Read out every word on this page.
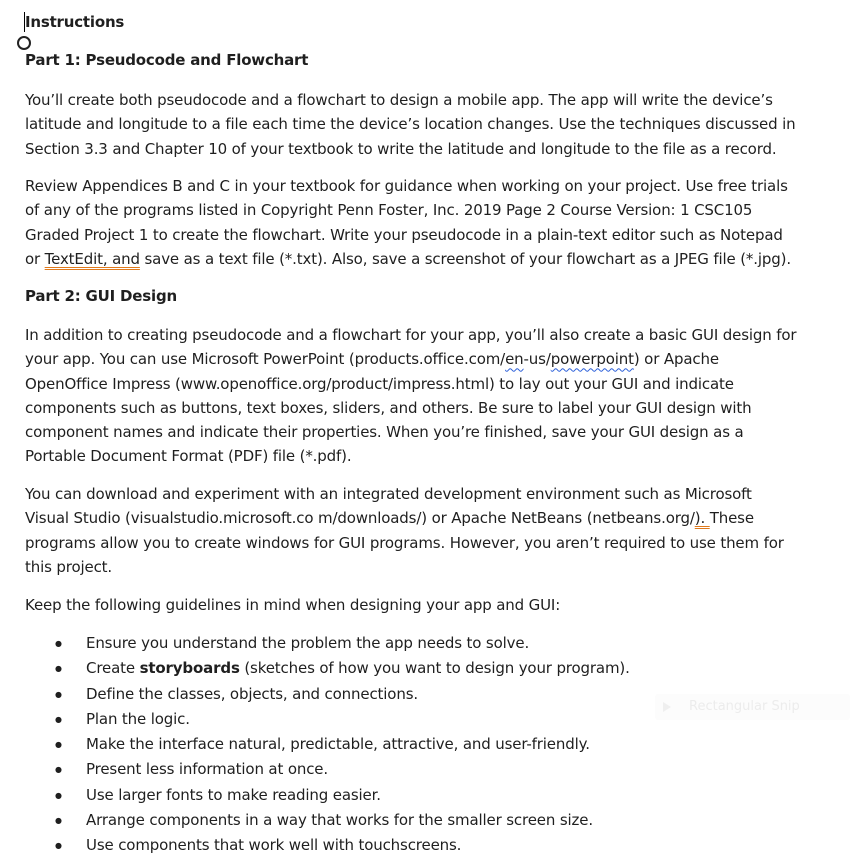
Instructions
Part 1: Pseudocode and Flowchart
You’ll create both pseudocode and a flowchart to design a mobile app. The app will write the device’s
latitude and longitude to a file each time the device’s location changes. Use the techniques discussed in
Section 3.3 and Chapter 10 of your textbook to write the latitude and longitude to the file as a record.
Review Appendices B and C in your textbook for guidance when working on your project. Use free trials
of any of the programs listed in Copyright Penn Foster, Inc. 2019 Page 2 Course Version: 1 CSC105
Graded Project 1 to create the flowchart. Write your pseudocode in a plain-text editor such as Notepad
or TextEdit, and save as a text file (*.txt). Also, save a screenshot of your flowchart as a JPEG file (*.jpg).
Part 2: GUI Design
In addition to creating pseudocode and a flowchart for your app, you’ll also create a basic GUI design for
your app. You can use Microsoft PowerPoint (products.office.com/en-us/powerpoint) or Apache
OpenOffice Impress (www.openoffice.org/product/impress.html) to lay out your GUI and indicate
components such as buttons, text boxes, sliders, and others. Be sure to label your GUI design with
component names and indicate their properties. When you’re finished, save your GUI design as a
Portable Document Format (PDF) file (*.pdf).
You can download and experiment with an integrated development environment such as Microsoft
Visual Studio (visualstudio.microsoft.co m/downloads/) or Apache NetBeans (netbeans.org/). These
programs allow you to create windows for GUI programs. However, you aren’t required to use them for
this project.
Keep the following guidelines in mind when designing your app and GUI:
● Ensure you understand the problem the app needs to solve.
● Create storyboards (sketches of how you want to design your program).
● Define the classes, objects, and connections.
● Plan the logic.
● Make the interface natural, predictable, attractive, and user-friendly.
● Present less information at once.
● Use larger fonts to make reading easier.
● Arrange components in a way that works for the smaller screen size.
● Use components that work well with touchscreens.
Rectangular Snip
